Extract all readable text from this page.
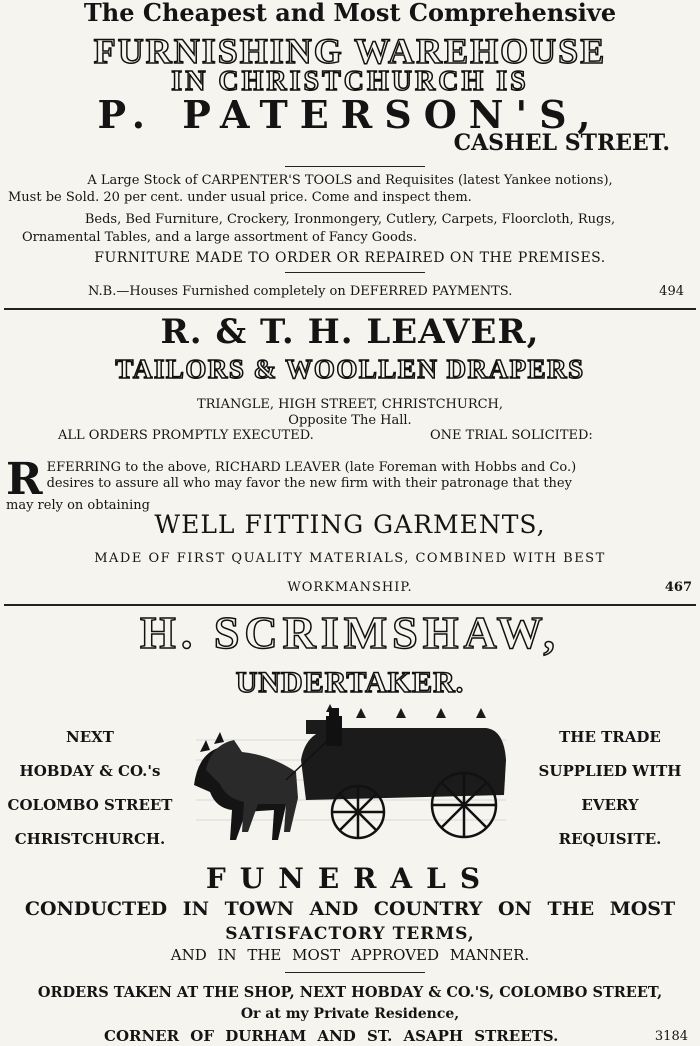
The Cheapest and Most Comprehensive
FURNISHING WAREHOUSE
IN CHRISTCHURCH IS
P. PATERSON'S,
CASHEL STREET.
A Large Stock of CARPENTER'S TOOLS and Requisites (latest Yankee notions),
Must be Sold. 20 per cent. under usual price. Come and inspect them.
Beds, Bed Furniture, Crockery, Ironmongery, Cutlery, Carpets, Floorcloth, Rugs,
Ornamental Tables, and a large assortment of Fancy Goods.
FURNITURE MADE TO ORDER OR REPAIRED ON THE PREMISES.
N.B.—Houses Furnished completely on DEFERRED PAYMENTS.	494
R. & T. H. LEAVER,
TAILORS & WOOLLEN DRAPERS
TRIANGLE, HIGH STREET, CHRISTCHURCH,
Opposite The Hall.
ALL ORDERS PROMPTLY EXECUTED.	ONE TRIAL SOLICITED:
R EFERRING to the above, RICHARD LEAVER (late Foreman with Hobbs and Co.)
desires to assure all who may favor the new firm with their patronage that they
may rely on obtaining
WELL FITTING GARMENTS,
MADE OF FIRST QUALITY MATERIALS, COMBINED WITH BEST
WORKMANSHIP.	467
H. SCRIMSHAW,
UNDERTAKER.
NEXT
HOBDAY & CO.'s
COLOMBO STREET
CHRISTCHURCH.
THE TRADE
SUPPLIED WITH
EVERY
REQUISITE.
FUNERALS
CONDUCTED IN TOWN AND COUNTRY ON THE MOST
SATISFACTORY TERMS,
AND IN THE MOST APPROVED MANNER.
ORDERS TAKEN AT THE SHOP, NEXT HOBDAY & CO.'S, COLOMBO STREET,
Or at my Private Residence,
CORNER OF DURHAM AND ST. ASAPH STREETS.	3184
